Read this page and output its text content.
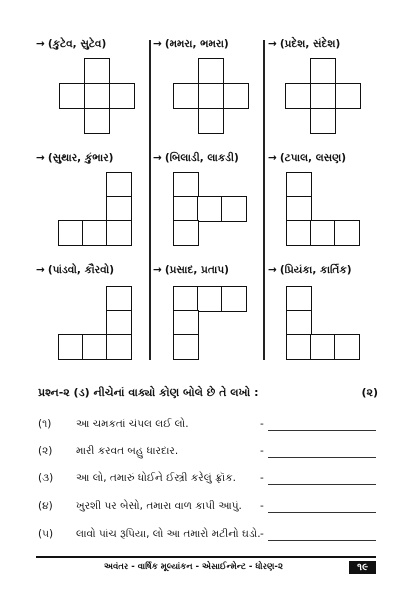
→ (કુટેવ, સુટેવ)	→ (મમરા, ભમરા)	→ (પ્રદેશ, સંદેશ)
→ (સુથાર, કુંભાર)	→ (બિલાડી, લાકડી)	→ (ટપાલ, લસણ)
→ (પાંડવો, કૌરવો)	→ (પ્રસાદ, પ્રતાપ)	→ (પ્રિયંકા, કાર્તિક)
પ્રશ્ન-૨ (ડ) નીચેનાં વાક્યો કોણ બોલે છે તે લખો :	(૨)
(૧)	આ ચમકતાં ચંપલ લઈ લો.	-
(૨)	મારી કરવત બહુ ધારદાર.	-
(૩)	આ લો, તમારું ધોઈને ઈસ્ત્રી કરેલું ફ્રૉક. -
(૪)	ખુરશી પર બેસો, તમારા વાળ કાપી આપું. -
(૫)	લાવો પાંચ રૂપિયા, લો આ તમારો મટીનો ઘડો. -
અવંતર - વાર્ષિક મૂલ્યાંકન - એસાઈન્મેન્ટ - ધોરણ-૨	૧૯
